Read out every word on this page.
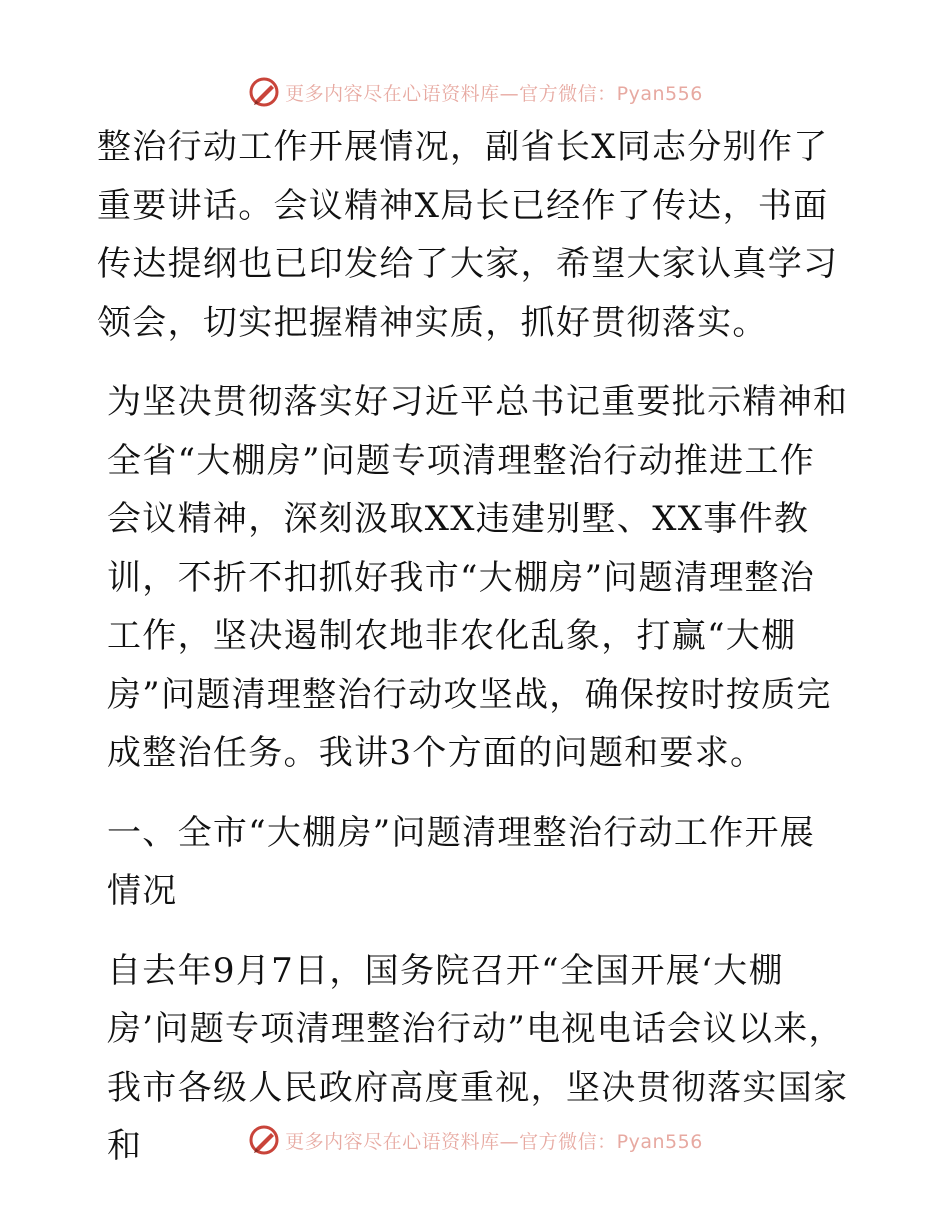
更多内容尽在心语资料库—官方微信：Pyan556

整治行动工作开展情况，副省长X同志分别作了重要讲话。会议精神X局长已经作了传达，书面传达提纲也已印发给了大家，希望大家认真学习领会，切实把握精神实质，抓好贯彻落实。

为坚决贯彻落实好习近平总书记重要批示精神和全省“大棚房”问题专项清理整治行动推进工作会议精神，深刻汲取XX违建别墅、XX事件教训，不折不扣抓好我市“大棚房”问题清理整治工作，坚决遏制农地非农化乱象，打赢“大棚房”问题清理整治行动攻坚战，确保按时按质完成整治任务。我讲3个方面的问题和要求。

一、全市“大棚房”问题清理整治行动工作开展情况

自去年9月7日，国务院召开“全国开展‘大棚房’问题专项清理整治行动”电视电话会议以来，我市各级人民政府高度重视，坚决贯彻落实国家和	更多内容尽在心语资料库—官方微信：Pyan556
